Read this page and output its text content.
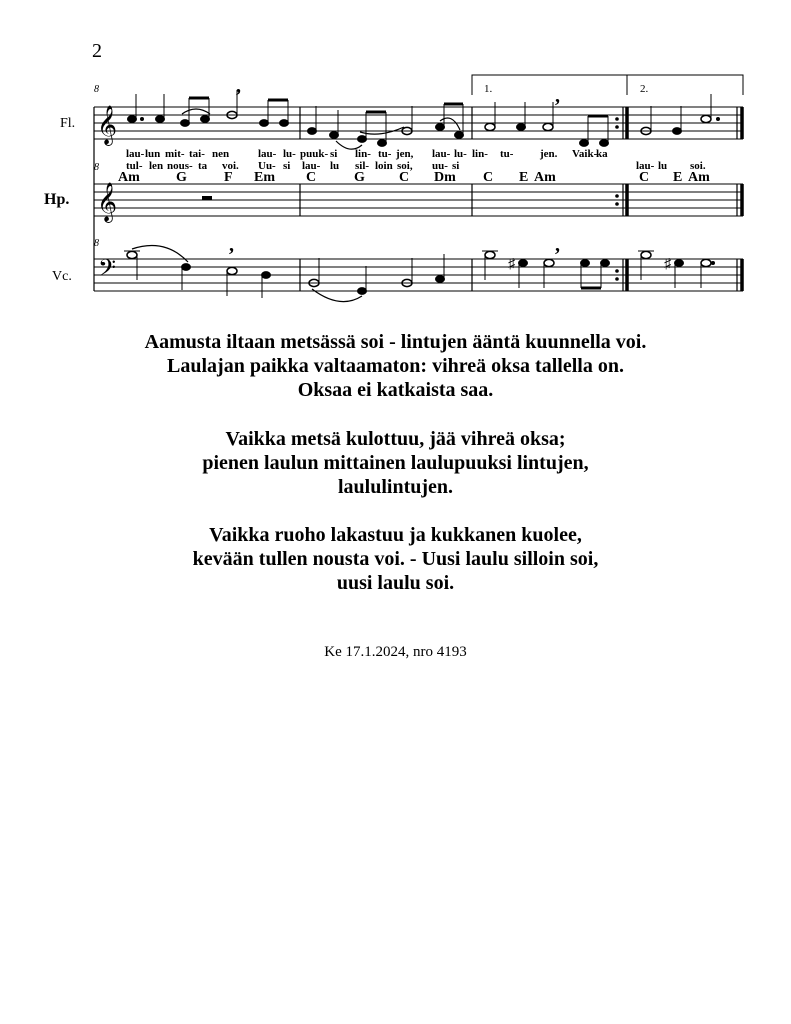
2
1.	2.
𝄞
𝄞
𝄢
8
8
8
Fl.
Hp.
Vc.
,	,
,	,
lau- lun mit- tai- nen	lau- lu- puuk- si lin- tu- jen, lau- lu- lin- tu- jen. Vaik-
ka
tul- len nous- ta voi. Uu- si lau- lu sil- loin soi, uu- si	lau- lu soi.
Am	G	F Em C	G C Dm C E Am	C E Am
♯	♯
Aamusta iltaan metsässä soi - lintujen ääntä kuunnella voi.
Laulajan paikka valtaamaton: vihreä oksa tallella on.
Oksaa ei katkaista saa.
Vaikka metsä kulottuu, jää vihreä oksa;
pienen laulun mittainen laulupuuksi lintujen,
laululintujen.
Vaikka ruoho lakastuu ja kukkanen kuolee,
kevään tullen nousta voi. - Uusi laulu silloin soi,
uusi laulu soi.
Ke 17.1.2024, nro 4193
